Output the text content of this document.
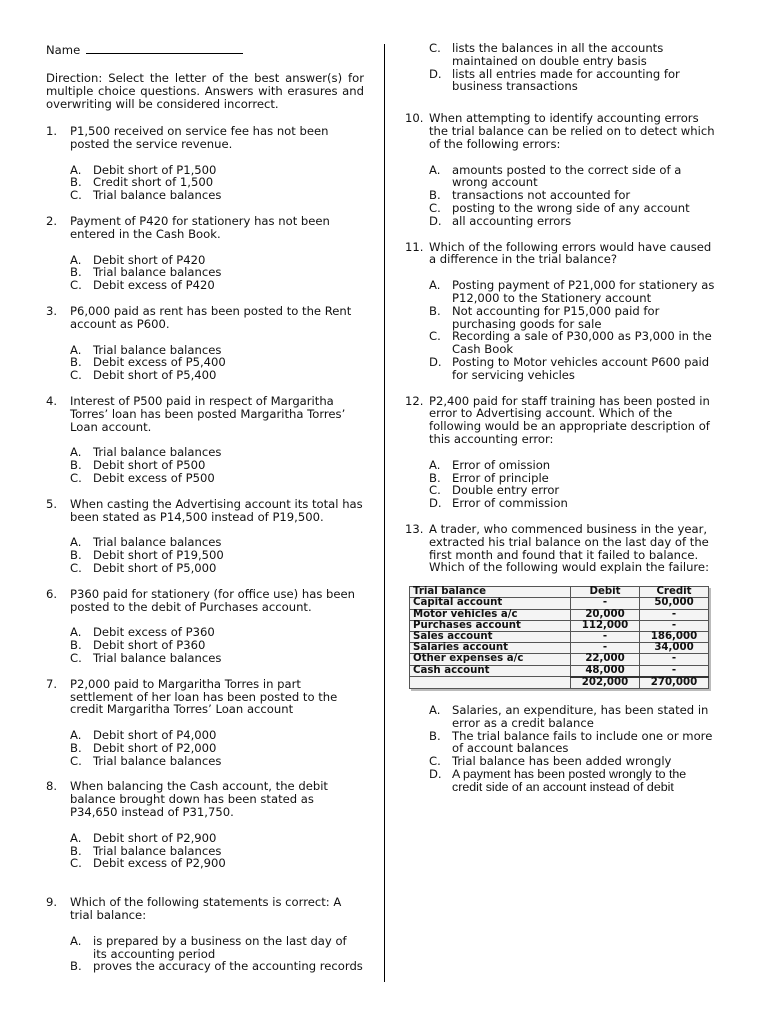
Name
Direction: Select the letter of the best answer(s) for multiple choice questions. Answers with erasures and overwriting will be considered incorrect.
1.	P1,500 received on service fee has not been posted the service revenue.
A. Debit short of P1,500
B. Credit short of 1,500
C. Trial balance balances
2.	Payment of P420 for stationery has not been entered in the Cash Book.
A. Debit short of P420
B. Trial balance balances
C. Debit excess of P420
3.	P6,000 paid as rent has been posted to the Rent account as P600.
A. Trial balance balances
B. Debit excess of P5,400
C. Debit short of P5,400
4.	Interest of P500 paid in respect of Margaritha Torres’ loan has been posted Margaritha Torres’ Loan account.
A. Trial balance balances
B. Debit short of P500
C. Debit excess of P500
5.	When casting the Advertising account its total has been stated as P14,500 instead of P19,500.
A. Trial balance balances
B. Debit short of P19,500
C. Debit short of P5,000
6.	P360 paid for stationery (for office use) has been posted to the debit of Purchases account.
A. Debit excess of P360
B. Debit short of P360
C. Trial balance balances
7.	P2,000 paid to Margaritha Torres in part settlement of her loan has been posted to the credit Margaritha Torres’ Loan account
A. Debit short of P4,000
B. Debit short of P2,000
C. Trial balance balances
8.	When balancing the Cash account, the debit balance brought down has been stated as P34,650 instead of P31,750.
A. Debit short of P2,900
B. Trial balance balances
C. Debit excess of P2,900
9.	Which of the following statements is correct: A trial balance:
A. is prepared by a business on the last day of its accounting period
B. proves the accuracy of the accounting records
C. lists the balances in all the accounts maintained on double entry basis
D. lists all entries made for accounting for business transactions
10. When attempting to identify accounting errors the trial balance can be relied on to detect which of the following errors:
A. amounts posted to the correct side of a wrong account
B. transactions not accounted for
C. posting to the wrong side of any account
D. all accounting errors
11. Which of the following errors would have caused a difference in the trial balance?
A. Posting payment of P21,000 for stationery as P12,000 to the Stationery account
B. Not accounting for P15,000 paid for purchasing goods for sale
C. Recording a sale of P30,000 as P3,000 in the Cash Book
D. Posting to Motor vehicles account P600 paid for servicing vehicles
12. P2,400 paid for staff training has been posted in error to Advertising account. Which of the following would be an appropriate description of this accounting error:
A. Error of omission
B. Error of principle
C. Double entry error
D. Error of commission
13. A trader, who commenced business in the year, extracted his trial balance on the last day of the first month and found that it failed to balance. Which of the following would explain the failure:
Trial balance	Debit	Credit
Capital account	-	50,000
Motor vehicles a/c	20,000	-
Purchases account	112,000	-
Sales account	-	186,000
Salaries account	-	34,000
Other expenses a/c	22,000	-
Cash account	48,000	-
	202,000	270,000
A. Salaries, an expenditure, has been stated in error as a credit balance
B. The trial balance fails to include one or more of account balances
C. Trial balance has been added wrongly
D. A payment has been posted wrongly to the credit side of an account instead of debit
